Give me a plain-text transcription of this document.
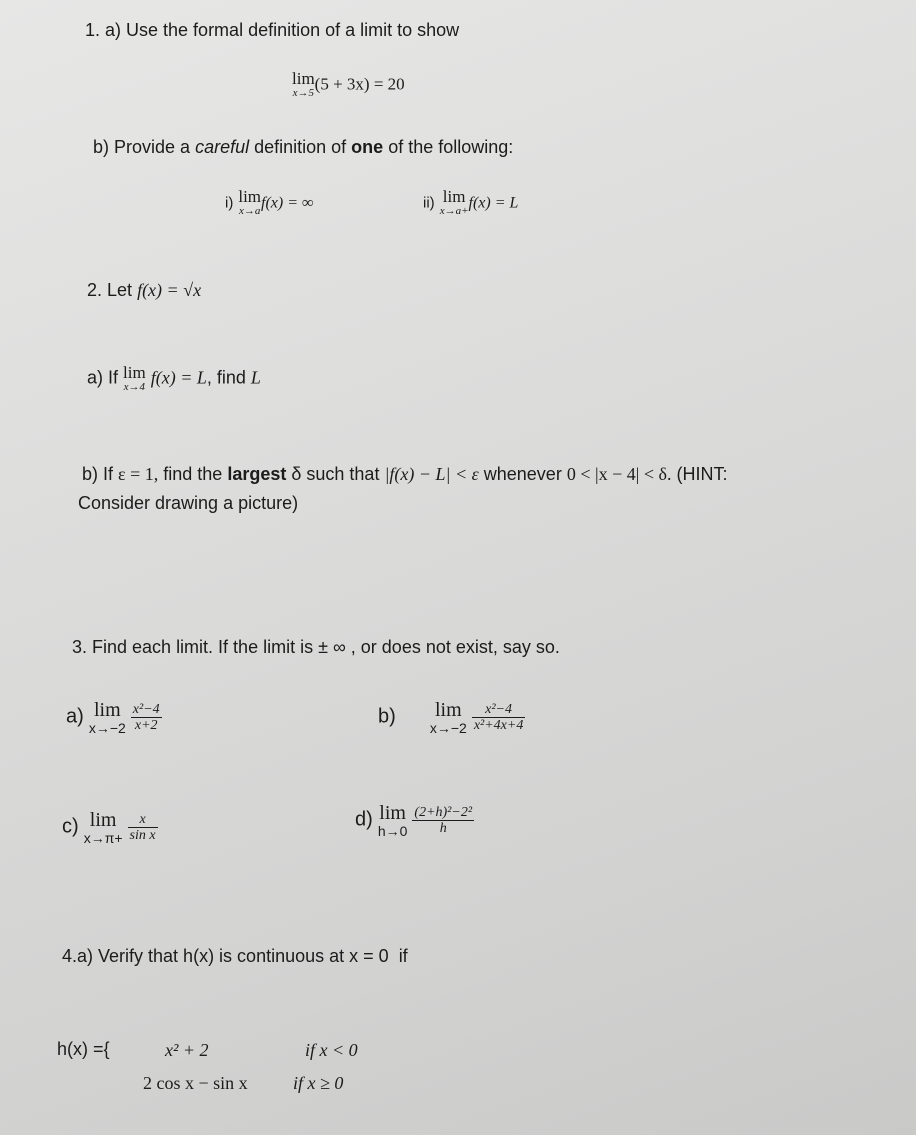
1. a) Use the formal definition of a limit to show
lim
x→5 (5 + 3x) = 20
b) Provide a careful definition of one of the following:
i) lim
x→a f(x) = ∞	ii) lim
x→a+ f(x) = L
2. Let f(x) = √x
a) If lim
x→4 f(x) = L, find L
b) If ε = 1, find the largest δ such that |f(x) − L| < ε whenever 0 < |x − 4| < δ. (HINT:
Consider drawing a picture)
3. Find each limit. If the limit is ± ∞ , or does not exist, say so.
a) lim
x→−2
$\frac{\text{x²−4}}{x+2}$	b) lim
x→−2
$\frac{\text{x²−4}}{\text{x²+4x+4}}$
c) lim
x→π+
$\frac{x}{\text{sin x}}$	d) lim
h→0
$\frac{\text{(2+h)²−2²}}{h}$
4.a) Verify that h(x) is continuous at x = 0 if
h(x) ={	x² + 2	if x < 0
2 cos x − sin x	if x ≥ 0
